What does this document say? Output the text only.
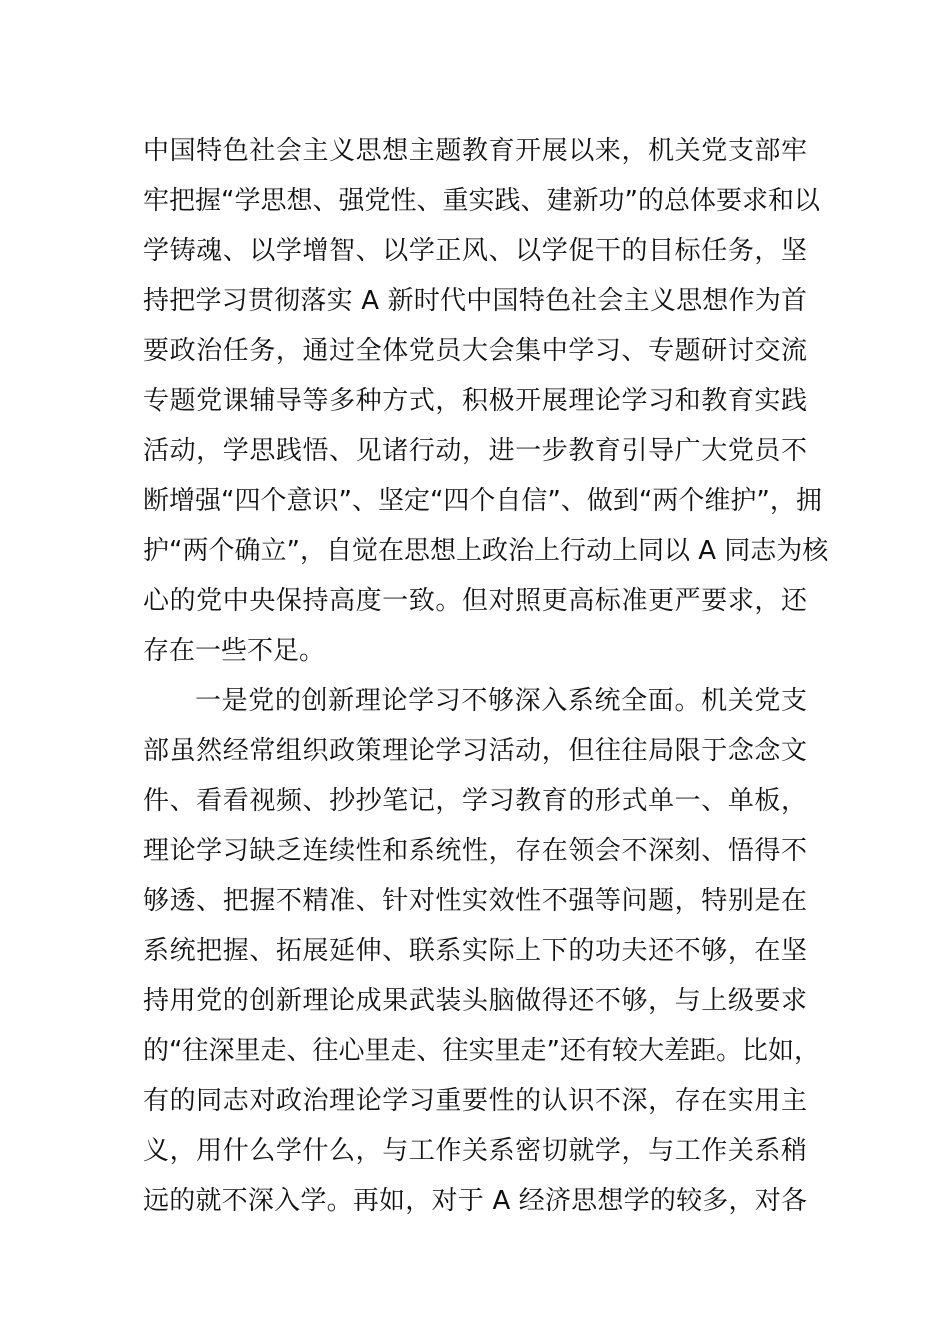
中国特色社会主义思想主题教育开展以来，机关党支部牢
牢把握“学思想、强党性、重实践、建新功”的总体要求和以
学铸魂、以学增智、以学正风、以学促干的目标任务，坚
持把学习贯彻落实 A 新时代中国特色社会主义思想作为首
要政治任务，通过全体党员大会集中学习、专题研讨交流
专题党课辅导等多种方式，积极开展理论学习和教育实践
活动，学思践悟、见诸行动，进一步教育引导广大党员不
断增强“四个意识”、坚定“四个自信”、做到“两个维护”，拥
护“两个确立”，自觉在思想上政治上行动上同以 A 同志为核
心的党中央保持高度一致。但对照更高标准更严要求，还
存在一些不足。
一是党的创新理论学习不够深入系统全面。机关党支
部虽然经常组织政策理论学习活动，但往往局限于念念文
件、看看视频、抄抄笔记，学习教育的形式单一、单板，
理论学习缺乏连续性和系统性，存在领会不深刻、悟得不
够透、把握不精准、针对性实效性不强等问题，特别是在
系统把握、拓展延伸、联系实际上下的功夫还不够，在坚
持用党的创新理论成果武装头脑做得还不够，与上级要求
的“往深里走、往心里走、往实里走”还有较大差距。比如，
有的同志对政治理论学习重要性的认识不深，存在实用主
义，用什么学什么，与工作关系密切就学，与工作关系稍
远的就不深入学。再如，对于 A 经济思想学的较多，对各
